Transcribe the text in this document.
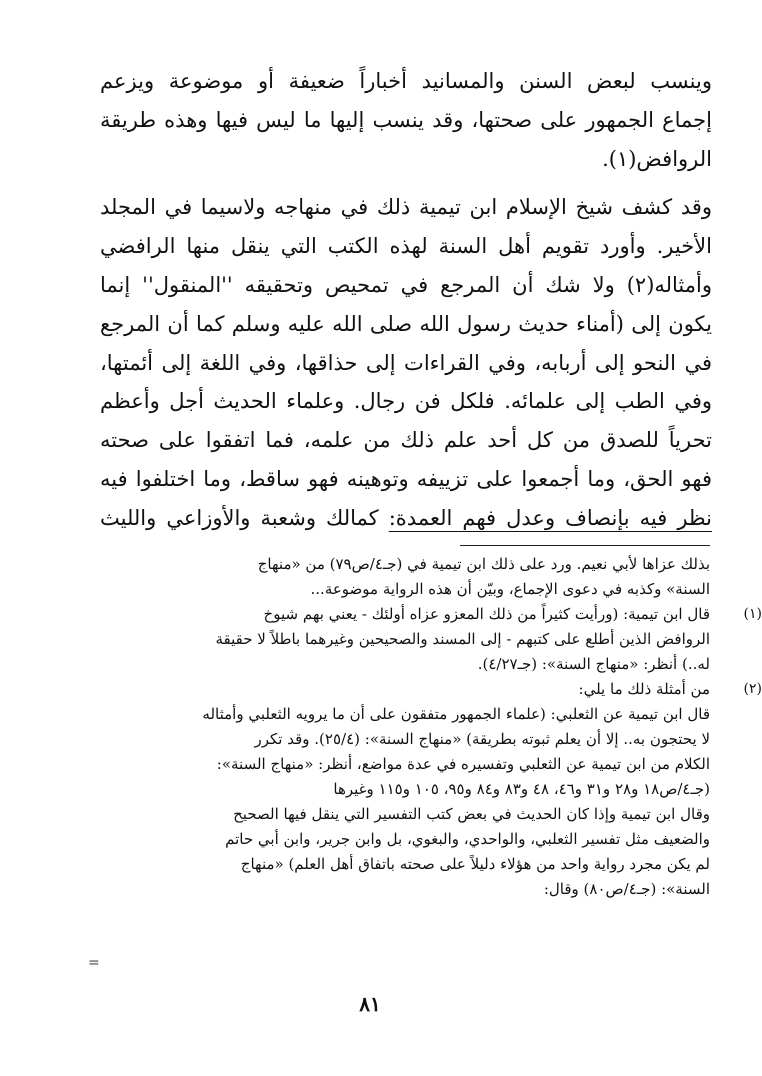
وينسب لبعض السنن والمسانيد أخباراً ضعيفة أو موضوعة ويزعم
إجماع الجمهور على صحتها، وقد ينسب إليها ما ليس فيها وهذه طريقة
الروافض(١).
وقد كشف شيخ الإسلام ابن تيمية ذلك في منهاجه ولاسيما في المجلد
الأخير. وأورد تقويم أهل السنة لهذه الكتب التي ينقل منها الرافضي
وأمثاله(٢) ولا شك أن المرجع في تمحيص وتحقيقه ''المنقول'' إنما
يكون إلى (أمناء حديث رسول الله صلى الله عليه وسلم كما أن المرجع
في النحو إلى أربابه، وفي القراءات إلى حذاقها، وفي اللغة إلى أئمتها،
وفي الطب إلى علمائه. فلكل فن رجال. وعلماء الحديث أجل وأعظم
تحرياً للصدق من كل أحد علم ذلك من علمه، فما اتفقوا على صحته
فهو الحق، وما أجمعوا على تزييفه وتوهينه فهو ساقط، وما اختلفوا فيه
نظر فيه بإنصاف وعدل فهم العمدة: كمالك وشعبة والأوزاعي والليث
بذلك عزاها لأبي نعيم. ورد على ذلك ابن تيمية في (جـ٤/ص٧٩) من «منهاج
السنة» وكذبه في دعوى الإجماع، وبيّن أن هذه الرواية موضوعة...
(١)
قال ابن تيمية: (ورأيت كثيراً من ذلك المعزو عزاه أولئك - يعني بهم شيوخ
الروافض الذين أطلع على كتبهم - إلى المسند والصحيحين وغيرهما باطلاً لا حقيقة
له..) أنظر: «منهاج السنة»: (جـ٤/٢٧).
(٢)
من أمثلة ذلك ما يلي:
قال ابن تيمية عن الثعلبي: (علماء الجمهور متفقون على أن ما يرويه الثعلبي وأمثاله
لا يحتجون به.. إلا أن يعلم ثبوته بطريقة) «منهاج السنة»: (٢٥/٤). وقد تكرر
الكلام من ابن تيمية عن الثعلبي وتفسيره في عدة مواضع، أنظر: «منهاج السنة»:
(جـ٤/ص١٨ و٢٨ و٣١ و٤٦، ٤٨ و٨٣ و٨٤ و٩٥، ١٠٥ و١١٥ وغيرها
وقال ابن تيمية وإذا كان الحديث في بعض كتب التفسير التي ينقل فيها الصحيح
والضعيف مثل تفسير الثعلبي، والواحدي، والبغوي، بل وابن جرير، وابن أبي حاتم
لم يكن مجرد رواية واحد من هؤلاء دليلاً على صحته باتفاق أهل العلم) «منهاج
السنة»: (جـ٤/ص٨٠) وقال:
=
٨١
